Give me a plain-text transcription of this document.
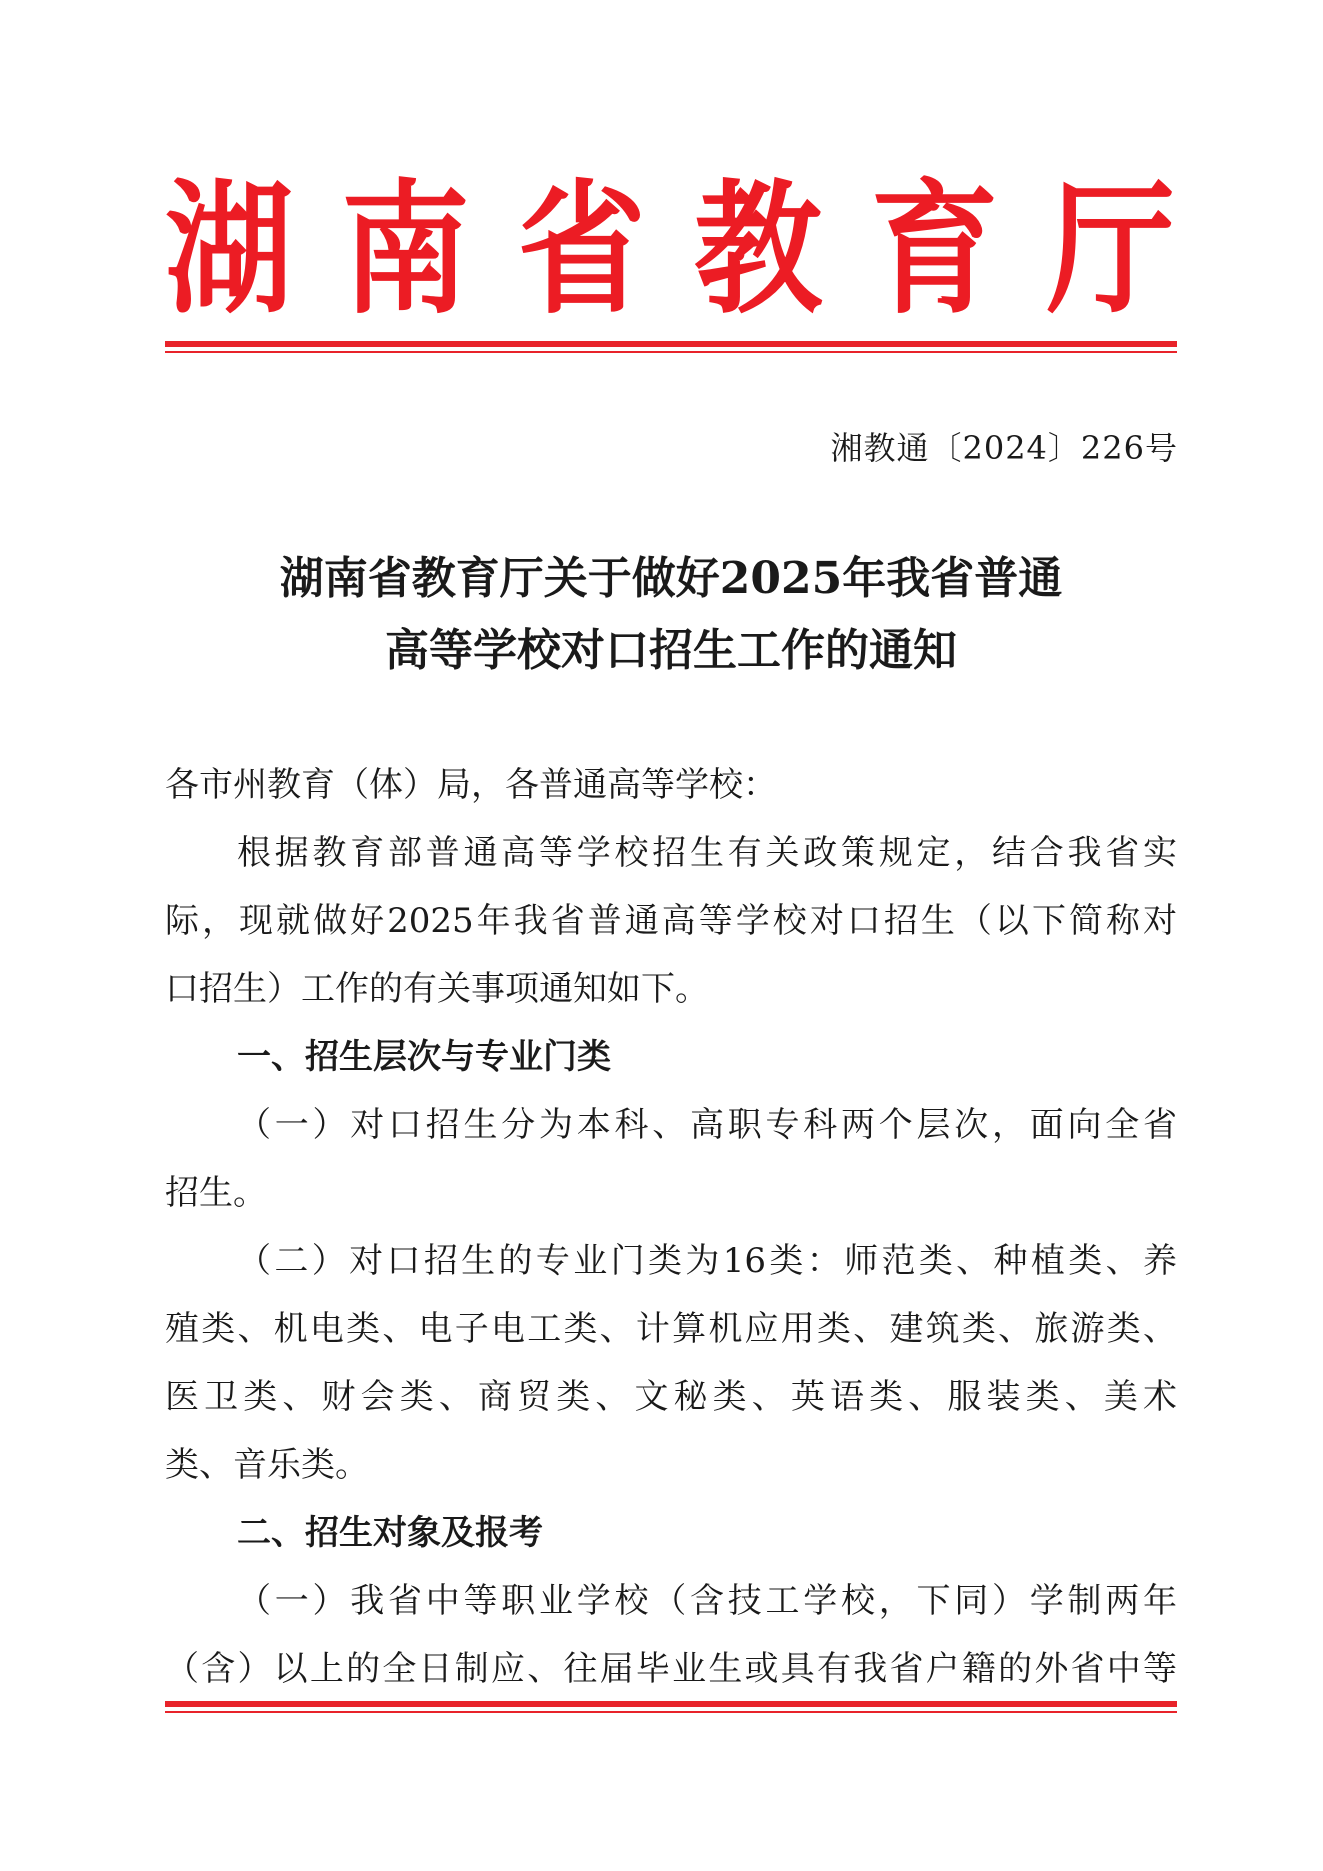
湖 南 省 教 育 厅
湘教通〔2024〕226号
湖南省教育厅关于做好2025年我省普通
高等学校对口招生工作的通知
各市州教育（体）局，各普通高等学校：
根据教育部普通高等学校招生有关政策规定，结合我省实
际，现就做好2025年我省普通高等学校对口招生（以下简称对
口招生）工作的有关事项通知如下。
一、招生层次与专业门类
（一）对口招生分为本科、高职专科两个层次，面向全省
招生。
（二）对口招生的专业门类为16类：师范类、种植类、养
殖类、机电类、电子电工类、计算机应用类、建筑类、旅游类、
医卫类、财会类、商贸类、文秘类、英语类、服装类、美术
类、音乐类。
二、招生对象及报考
（一）我省中等职业学校（含技工学校，下同）学制两年
（含）以上的全日制应、往届毕业生或具有我省户籍的外省中等
